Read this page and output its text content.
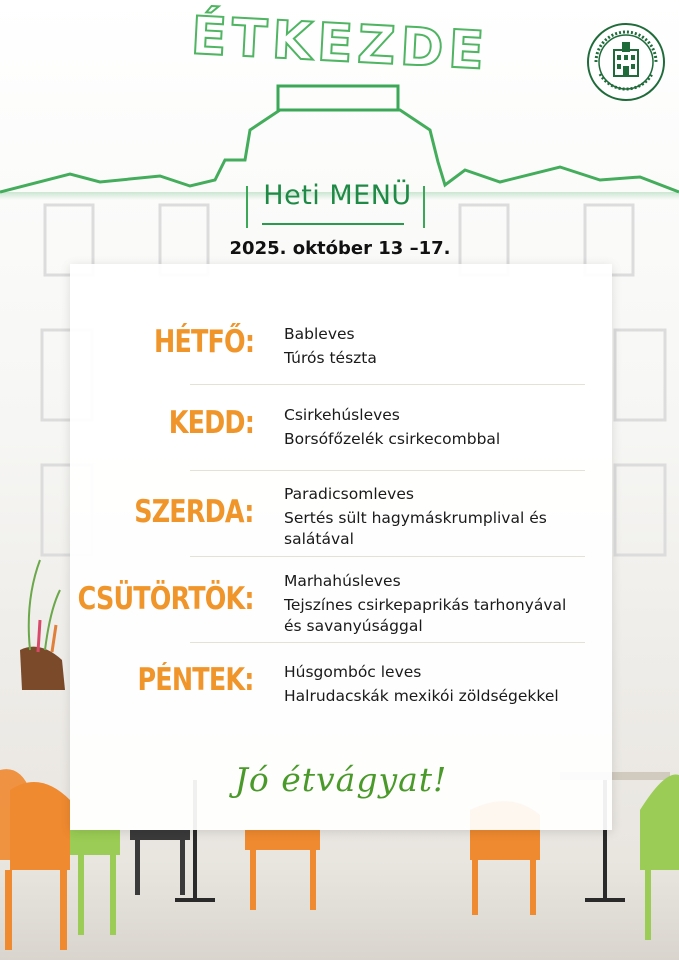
ÉTKEZDE
Heti MENÜ
2025. október 13 –17.
HÉTFŐ: Bableves
Túrós tészta
KEDD: Csirkehúsleves
Borsófőzelék csirkecombbal
SZERDA: Paradicsomleves
Sertés sült hagymáskrumplival és
salátával
CSÜTÖRTÖK: Marhahúsleves
Tejszínes csirkepaprikás tarhonyával
és savanyúsággal
PÉNTEK: Húsgombóc leves
Halrudacskák mexikói zöldségekkel
Jó étvágyat!
